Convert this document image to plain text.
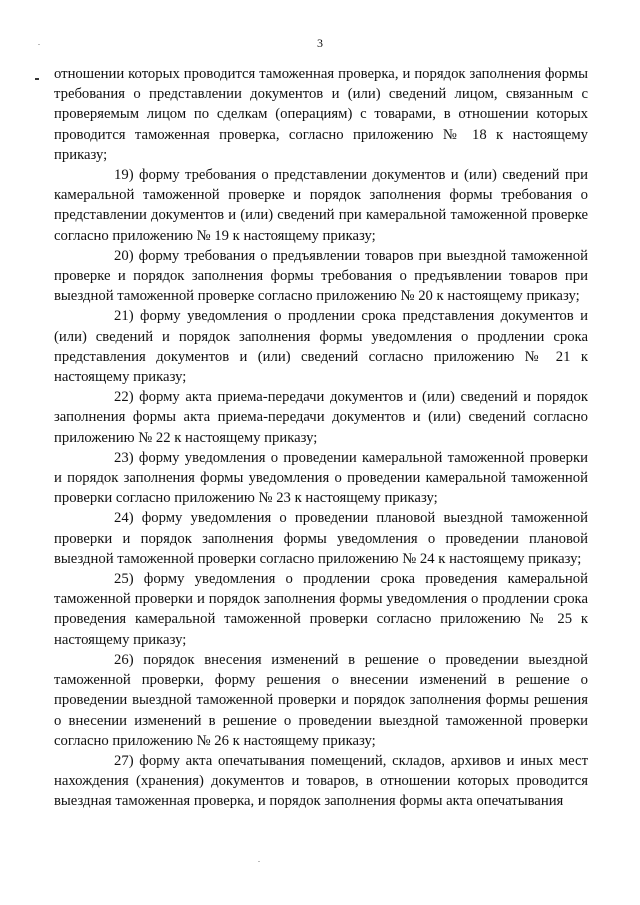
3

отношении которых проводится таможенная проверка, и порядок заполнения формы требования о представлении документов и (или) сведений лицом, связанным с проверяемым лицом по сделкам (операциям) с товарами, в отношении которых проводится таможенная проверка, согласно приложению № 18 к настоящему приказу;

19) форму требования о представлении документов и (или) сведений при камеральной таможенной проверке и порядок заполнения формы требования о представлении документов и (или) сведений при камеральной таможенной проверке согласно приложению № 19 к настоящему приказу;

20) форму требования о предъявлении товаров при выездной таможенной проверке и порядок заполнения формы требования о предъявлении товаров при выездной таможенной проверке согласно приложению № 20 к настоящему приказу;

21) форму уведомления о продлении срока представления документов и (или) сведений и порядок заполнения формы уведомления о продлении срока представления документов и (или) сведений согласно приложению № 21 к настоящему приказу;

22) форму акта приема-передачи документов и (или) сведений и порядок заполнения формы акта приема-передачи документов и (или) сведений согласно приложению № 22 к настоящему приказу;

23) форму уведомления о проведении камеральной таможенной проверки и порядок заполнения формы уведомления о проведении камеральной таможенной проверки согласно приложению № 23 к настоящему приказу;

24) форму уведомления о проведении плановой выездной таможенной проверки и порядок заполнения формы уведомления о проведении плановой выездной таможенной проверки согласно приложению № 24 к настоящему приказу;

25) форму уведомления о продлении срока проведения камеральной таможенной проверки и порядок заполнения формы уведомления о продлении срока проведения камеральной таможенной проверки согласно приложению № 25 к настоящему приказу;

26) порядок внесения изменений в решение о проведении выездной таможенной проверки, форму решения о внесении изменений в решение о проведении выездной таможенной проверки и порядок заполнения формы решения о внесении изменений в решение о проведении выездной таможенной проверки согласно приложению № 26 к настоящему приказу;

27) форму акта опечатывания помещений, складов, архивов и иных мест нахождения (хранения) документов и товаров, в отношении которых проводится выездная таможенная проверка, и порядок заполнения формы акта опечатывания
